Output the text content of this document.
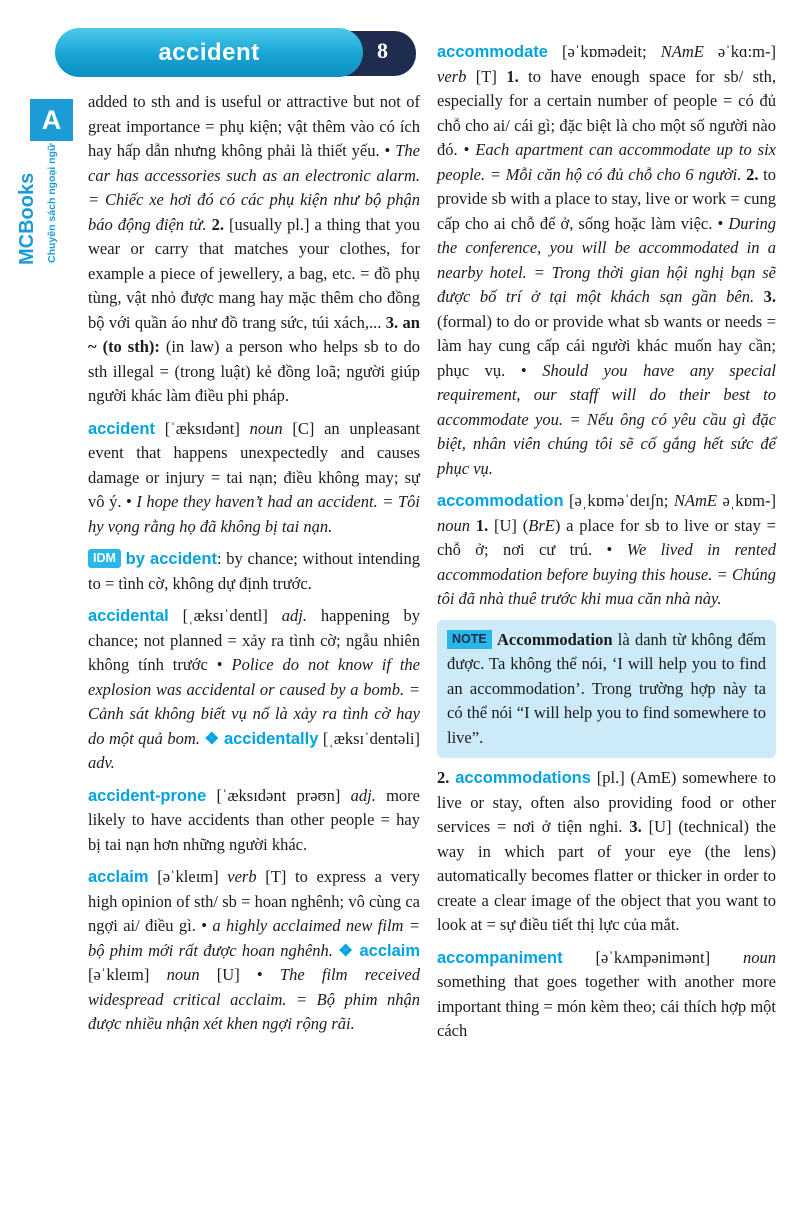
8
accident
A
MCBooks Chuyên sách ngoại ngữ

added to sth and is useful or attractive but not of great importance = phụ kiện; vật thêm vào có ích hay hấp dẫn nhưng không phải là thiết yếu. • The car has accessories such as an electronic alarm. = Chiếc xe hơi đó có các phụ kiện như bộ phận báo động điện tử. 2. [usually pl.] a thing that you wear or carry that matches your clothes, for example a piece of jewellery, a bag, etc. = đồ phụ tùng, vật nhỏ được mang hay mặc thêm cho đồng bộ với quần áo như đồ trang sức, túi xách,... 3. an ~ (to sth): (in law) a person who helps sb to do sth illegal = (trong luật) kẻ đồng loã; người giúp người khác làm điều phi pháp.

accident [ˈæksɪdənt] noun [C] an unpleasant event that happens unexpectedly and causes damage or injury = tai nạn; điều không may; sự vô ý. • I hope they haven’t had an accident. = Tôi hy vọng rằng họ đã không bị tai nạn.

IDM by accident: by chance; without intending to = tình cờ, không dự định trước.

accidental [ˌæksɪˈdentl] adj. happening by chance; not planned = xảy ra tình cờ; ngẫu nhiên không tính trước • Police do not know if the explosion was accidental or caused by a bomb. = Cảnh sát không biết vụ nổ là xảy ra tình cờ hay do một quả bom. ❖ accidentally [ˌæksɪˈdentəli] adv.

accident-prone [ˈæksɪdənt prəʊn] adj. more likely to have accidents than other people = hay bị tai nạn hơn những người khác.

acclaim [əˈkleɪm] verb [T] to express a very high opinion of sth/ sb = hoan nghênh; vô cùng ca ngợi ai/ điều gì. • a highly acclaimed new film = bộ phim mới rất được hoan nghênh. ❖ acclaim [əˈkleɪm] noun [U] • The film received widespread critical acclaim. = Bộ phim nhận được nhiều nhận xét khen ngợi rộng rãi.

accommodate [əˈkɒmədeit; NAmE əˈkɑ:m-] verb [T] 1. to have enough space for sb/ sth, especially for a certain number of people = có đủ chỗ cho ai/ cái gì; đặc biệt là cho một số người nào đó. • Each apartment can accommodate up to six people. = Mỗi căn hộ có đủ chỗ cho 6 người. 2. to provide sb with a place to stay, live or work = cung cấp cho ai chỗ để ở, sống hoặc làm việc. • During the conference, you will be accommodated in a nearby hotel. = Trong thời gian hội nghị bạn sẽ được bố trí ở tại một khách sạn gần bên. 3. (formal) to do or provide what sb wants or needs = làm hay cung cấp cái người khác muốn hay cần; phục vụ. • Should you have any special requirement, our staff will do their best to accommodate you. = Nếu ông có yêu cầu gì đặc biệt, nhân viên chúng tôi sẽ cố gắng hết sức để phục vụ.

accommodation [əˌkɒməˈdeɪʃn; NAmE əˌkɒm-] noun 1. [U] (BrE) a place for sb to live or stay = chỗ ở; nơi cư trú. • We lived in rented accommodation before buying this house. = Chúng tôi đã nhà thuê trước khi mua căn nhà này.

NOTE Accommodation là danh từ không đếm được. Ta không thể nói, ‘I will help you to find an accommodation’. Trong trường hợp này ta có thể nói “I will help you to find somewhere to live”.

2. accommodations [pl.] (AmE) somewhere to live or stay, often also providing food or other services = nơi ở tiện nghi. 3. [U] (technical) the way in which part of your eye (the lens) automatically becomes flatter or thicker in order to create a clear image of the object that you want to look at = sự điều tiết thị lực của mắt.

accompaniment [əˈkʌmpənimənt] noun something that goes together with another more important thing = món kèm theo; cái thích hợp một cách
